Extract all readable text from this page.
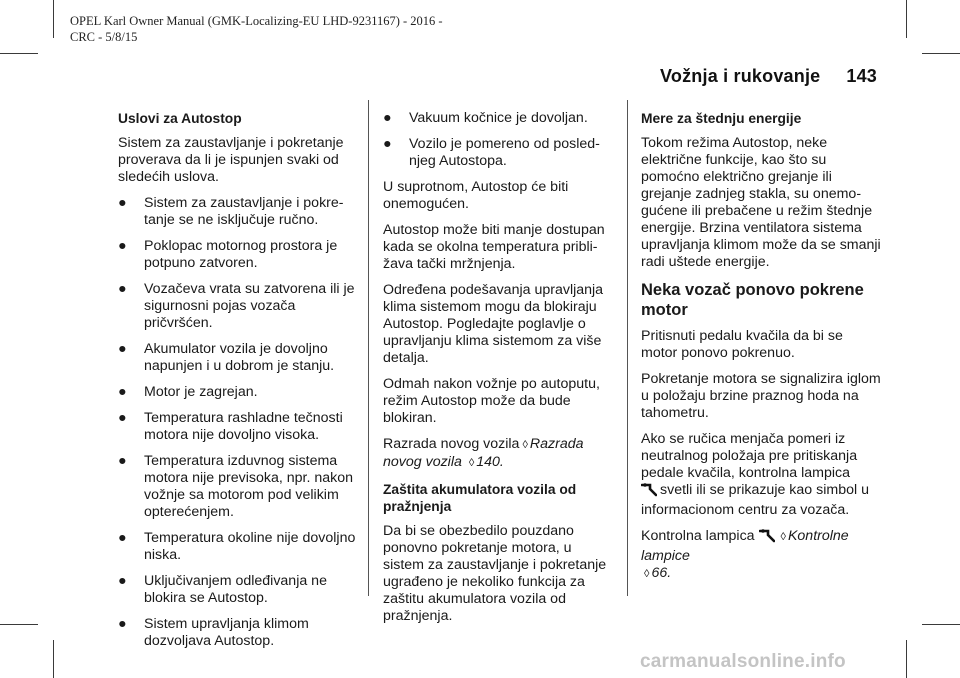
OPEL Karl Owner Manual (GMK-Localizing-EU LHD-9231167) - 2016 -
CRC - 5/8/15
Vožnja i rukovanje 143
Uslovi za Autostop

Sistem za zaustavljanje i pokretanje proverava da li je ispunjen svaki od sledećih uslova.

● Sistem za zaustavljanje i pokre-tanje se ne isključuje ručno.
● Poklopac motornog prostora je potpuno zatvoren.
● Vozačeva vrata su zatvorena ili je sigurnosni pojas vozača pričvršćen.
● Akumulator vozila je dovoljno napunjen i u dobrom je stanju.
● Motor je zagrejan.
● Temperatura rashladne tečnosti motora nije dovoljno visoka.
● Temperatura izduvnog sistema motora nije previsoka, npr. nakon vožnje sa motorom pod velikim opterećenjem.
● Temperatura okoline nije dovoljno niska.
● Uključivanjem odleđivanja ne blokira se Autostop.
● Sistem upravljanja klimom dozvoljava Autostop.
● Vakuum kočnice je dovoljan.
● Vozilo je pomereno od posled-njeg Autostopa.

U suprotnom, Autostop će biti onemogućen.

Autostop može biti manje dostupan kada se okolna temperatura pribli-žava tački mržnjenja.

Određena podešavanja upravljanja klima sistemom mogu da blokiraju Autostop. Pogledajte poglavlje o upravljanju klima sistemom za više detalja.

Odmah nakon vožnje po autoputu, režim Autostop može da bude blokiran.

Razrada novog vozila ◊ Razrada novog vozila ◊ 140.

Zaštita akumulatora vozila od pražnjenja

Da bi se obezbedilo pouzdano ponovno pokretanje motora, u sistem za zaustavljanje i pokretanje ugrađeno je nekoliko funkcija za zaštitu akumulatora vozila od pražnjenja.

Mere za štednju energije

Tokom režima Autostop, neke električne funkcije, kao što su pomoćno električno grejanje ili grejanje zadnjeg stakla, su onemo-gućene ili prebačene u režim štednje energije. Brzina ventilatora sistema upravljanja klimom može da se smanji radi uštede energije.

Neka vozač ponovo pokrene motor

Pritisnuti pedalu kvačila da bi se motor ponovo pokrenuo.

Pokretanje motora se signalizira iglom u položaju brzine praznog hoda na tahometru.

Ako se ručica menjača pomeri iz neutralnog položaja pre pritiskanja pedale kvačila, kontrolna lampica
svetli ili se prikazuje kao simbol u informacionom centru za vozača.

Kontrolna lampica ◊ Kontrolne lampice
◊ 66.

carmanualsonline.info
